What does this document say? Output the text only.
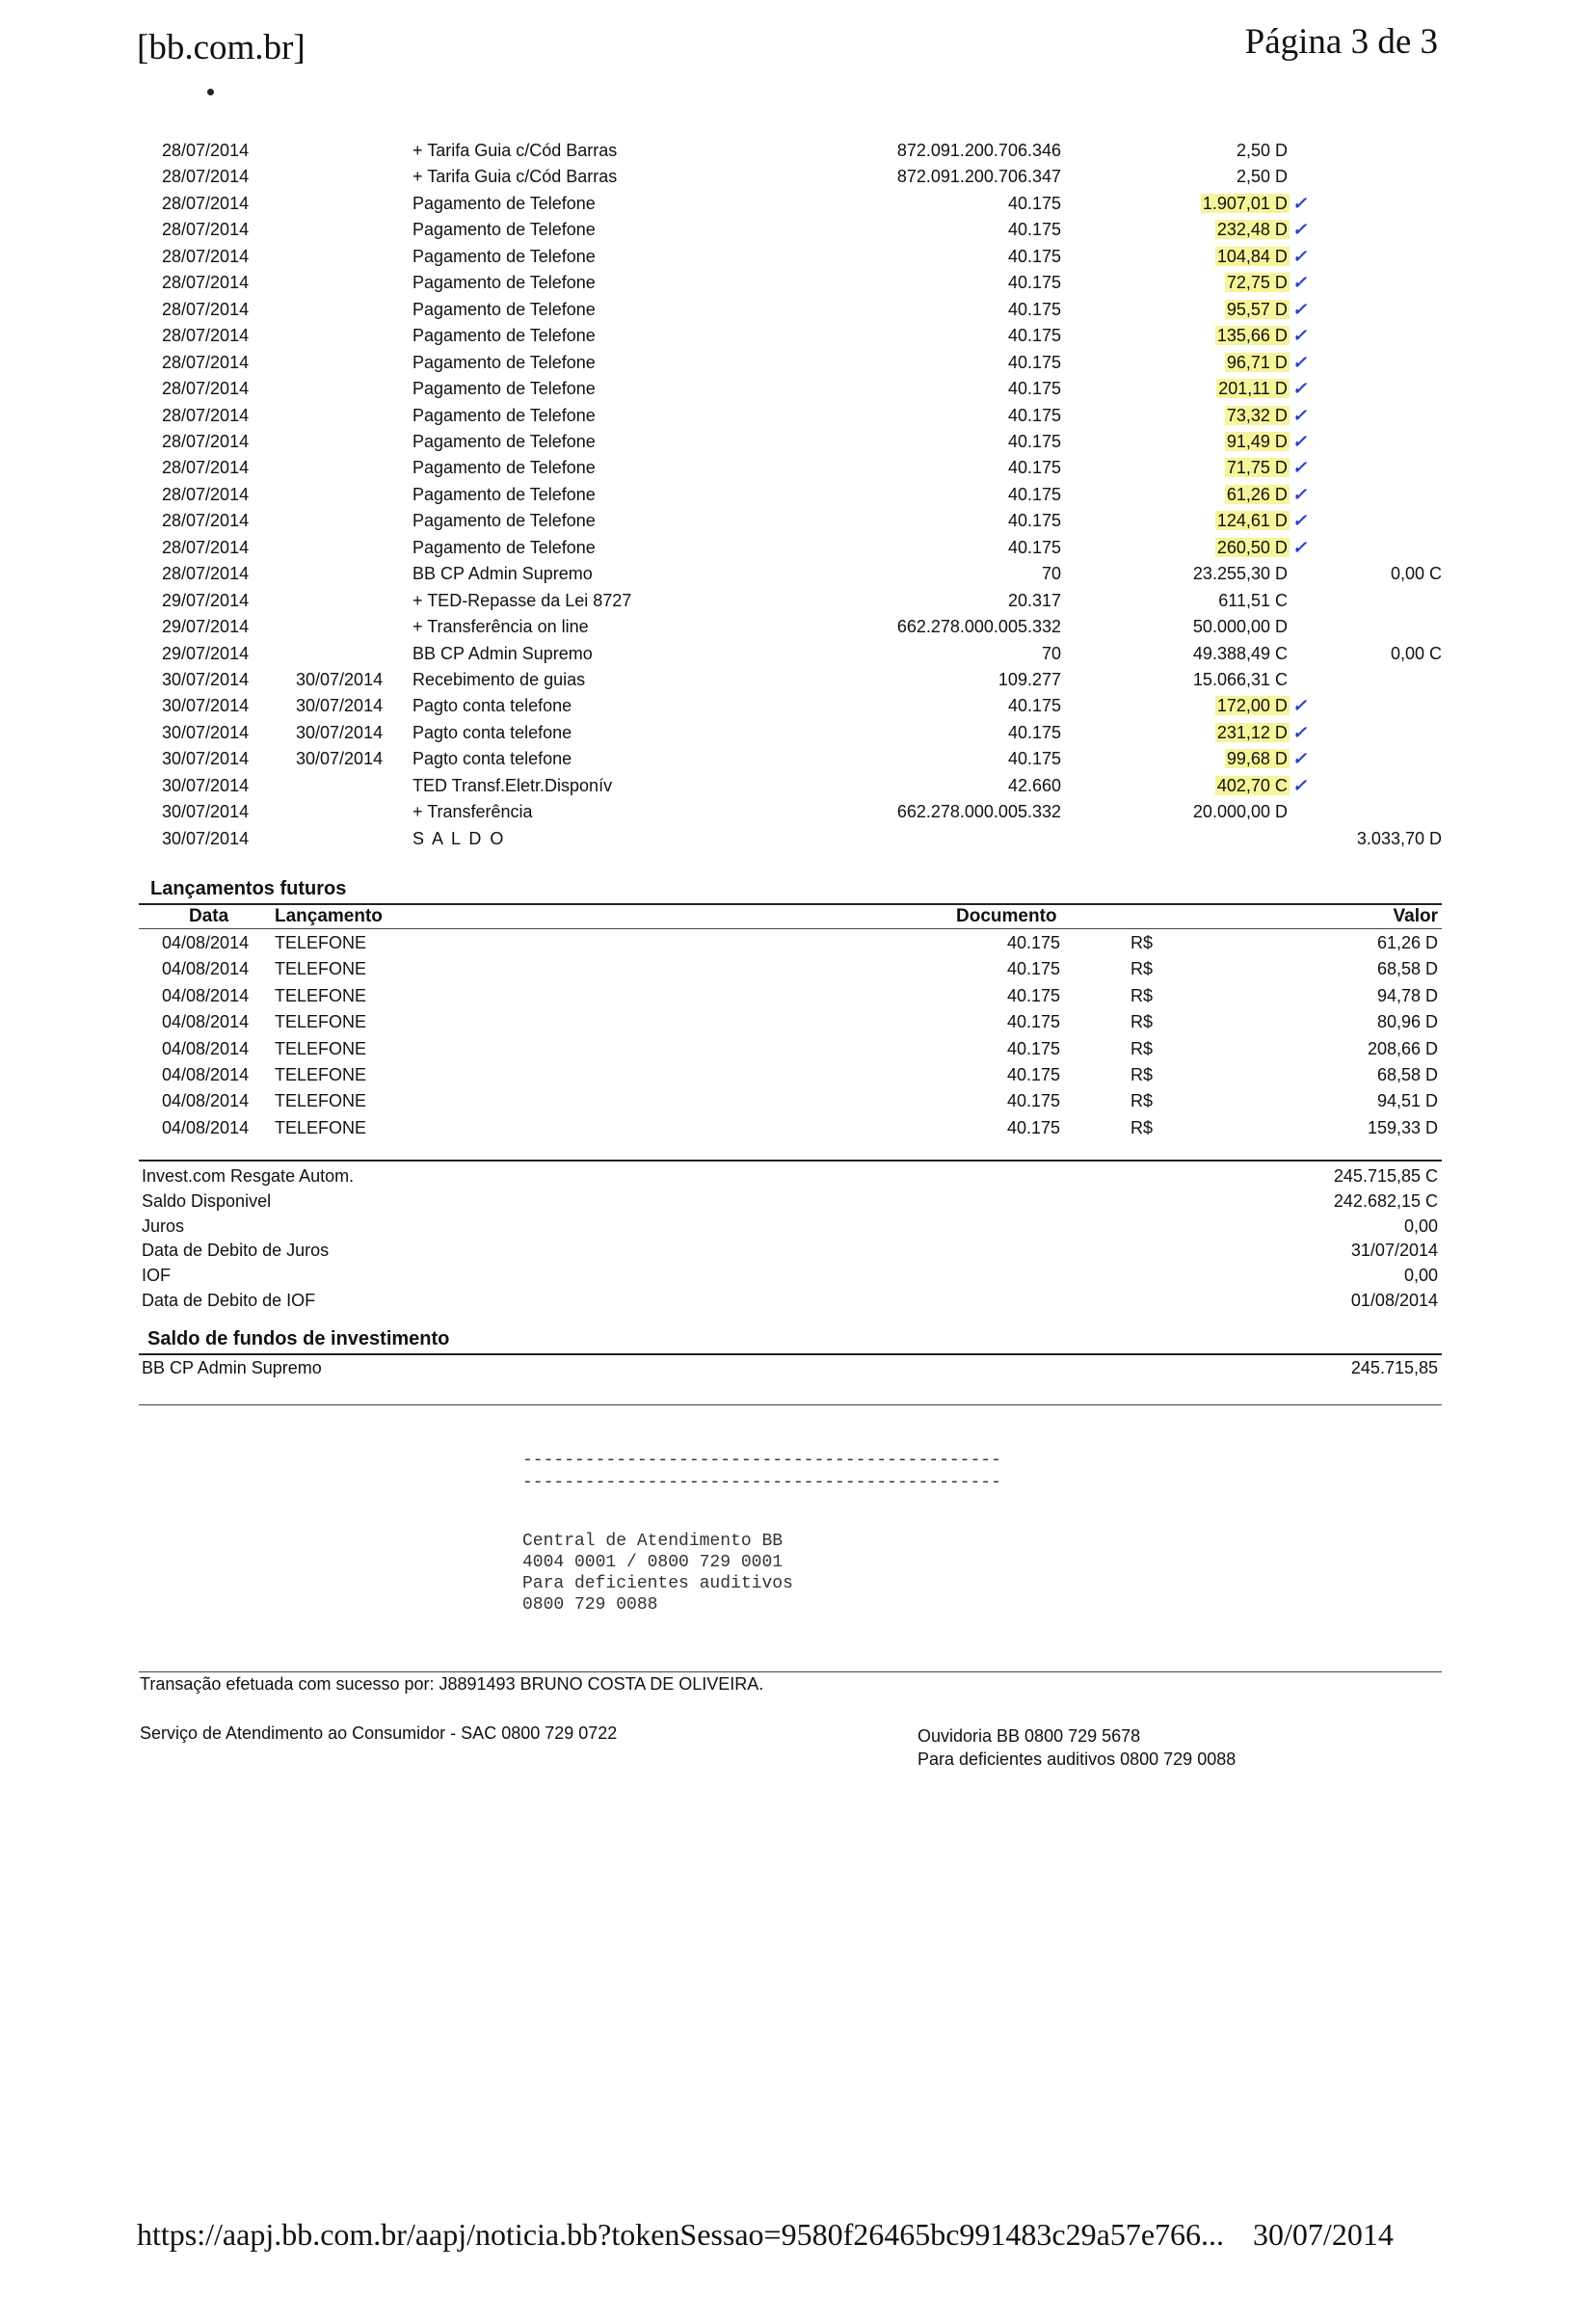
[bb.com.br]	Página 3 de 3
28/07/2014	+ Tarifa Guia c/Cód Barras	872.091.200.706.346	2,50 D
28/07/2014	+ Tarifa Guia c/Cód Barras	872.091.200.706.347	2,50 D
28/07/2014	Pagamento de Telefone	40.175	1.907,01 D ✓
28/07/2014	Pagamento de Telefone	40.175	232,48 D ✓
28/07/2014	Pagamento de Telefone	40.175	104,84 D ✓
28/07/2014	Pagamento de Telefone	40.175	72,75 D ✓
28/07/2014	Pagamento de Telefone	40.175	95,57 D ✓
28/07/2014	Pagamento de Telefone	40.175	135,66 D ✓
28/07/2014	Pagamento de Telefone	40.175	96,71 D ✓
28/07/2014	Pagamento de Telefone	40.175	201,11 D ✓
28/07/2014	Pagamento de Telefone	40.175	73,32 D ✓
28/07/2014	Pagamento de Telefone	40.175	91,49 D ✓
28/07/2014	Pagamento de Telefone	40.175	71,75 D ✓
28/07/2014	Pagamento de Telefone	40.175	61,26 D ✓
28/07/2014	Pagamento de Telefone	40.175	124,61 D ✓
28/07/2014	Pagamento de Telefone	40.175	260,50 D ✓
28/07/2014	BB CP Admin Supremo	70	23.255,30 D	0,00 C
29/07/2014	+ TED-Repasse da Lei 8727	20.317	611,51 C
29/07/2014	+ Transferência on line	662.278.000.005.332	50.000,00 D
29/07/2014	BB CP Admin Supremo	70	49.388,49 C	0,00 C
30/07/2014	30/07/2014 Recebimento de guias	109.277	15.066,31 C
30/07/2014	30/07/2014 Pagto conta telefone	40.175	172,00 D ✓
30/07/2014	30/07/2014 Pagto conta telefone	40.175	231,12 D ✓
30/07/2014	30/07/2014 Pagto conta telefone	40.175	99,68 D ✓
30/07/2014	TED Transf.Eletr.Disponív	42.660	402,70 C ✓
30/07/2014	+ Transferência	662.278.000.005.332	20.000,00 D
30/07/2014	S A L D O	3.033,70 D
Lançamentos futuros
Data	Lançamento	Documento	Valor
04/08/2014 TELEFONE	40.175	R$	61,26 D
04/08/2014 TELEFONE	40.175	R$	68,58 D
04/08/2014 TELEFONE	40.175	R$	94,78 D
04/08/2014 TELEFONE	40.175	R$	80,96 D
04/08/2014 TELEFONE	40.175	R$	208,66 D
04/08/2014 TELEFONE	40.175	R$	68,58 D
04/08/2014 TELEFONE	40.175	R$	94,51 D
04/08/2014 TELEFONE	40.175	R$	159,33 D
Invest.com Resgate Autom.	245.715,85 C
Saldo Disponivel	242.682,15 C
Juros	0,00
Data de Debito de Juros	31/07/2014
IOF	0,00
Data de Debito de IOF	01/08/2014
Saldo de fundos de investimento
BB CP Admin Supremo	245.715,85
----------------------------------------------
----------------------------------------------
Central de Atendimento BB
4004 0001 / 0800 729 0001
Para deficientes auditivos
0800 729 0088
Transação efetuada com sucesso por: J8891493 BRUNO COSTA DE OLIVEIRA.
Serviço de Atendimento ao Consumidor - SAC 0800 729 0722	Ouvidoria BB 0800 729 5678
Para deficientes auditivos 0800 729 0088
https://aapj.bb.com.br/aapj/noticia.bb?tokenSessao=9580f26465bc991483c29a57e766... 30/07/2014
